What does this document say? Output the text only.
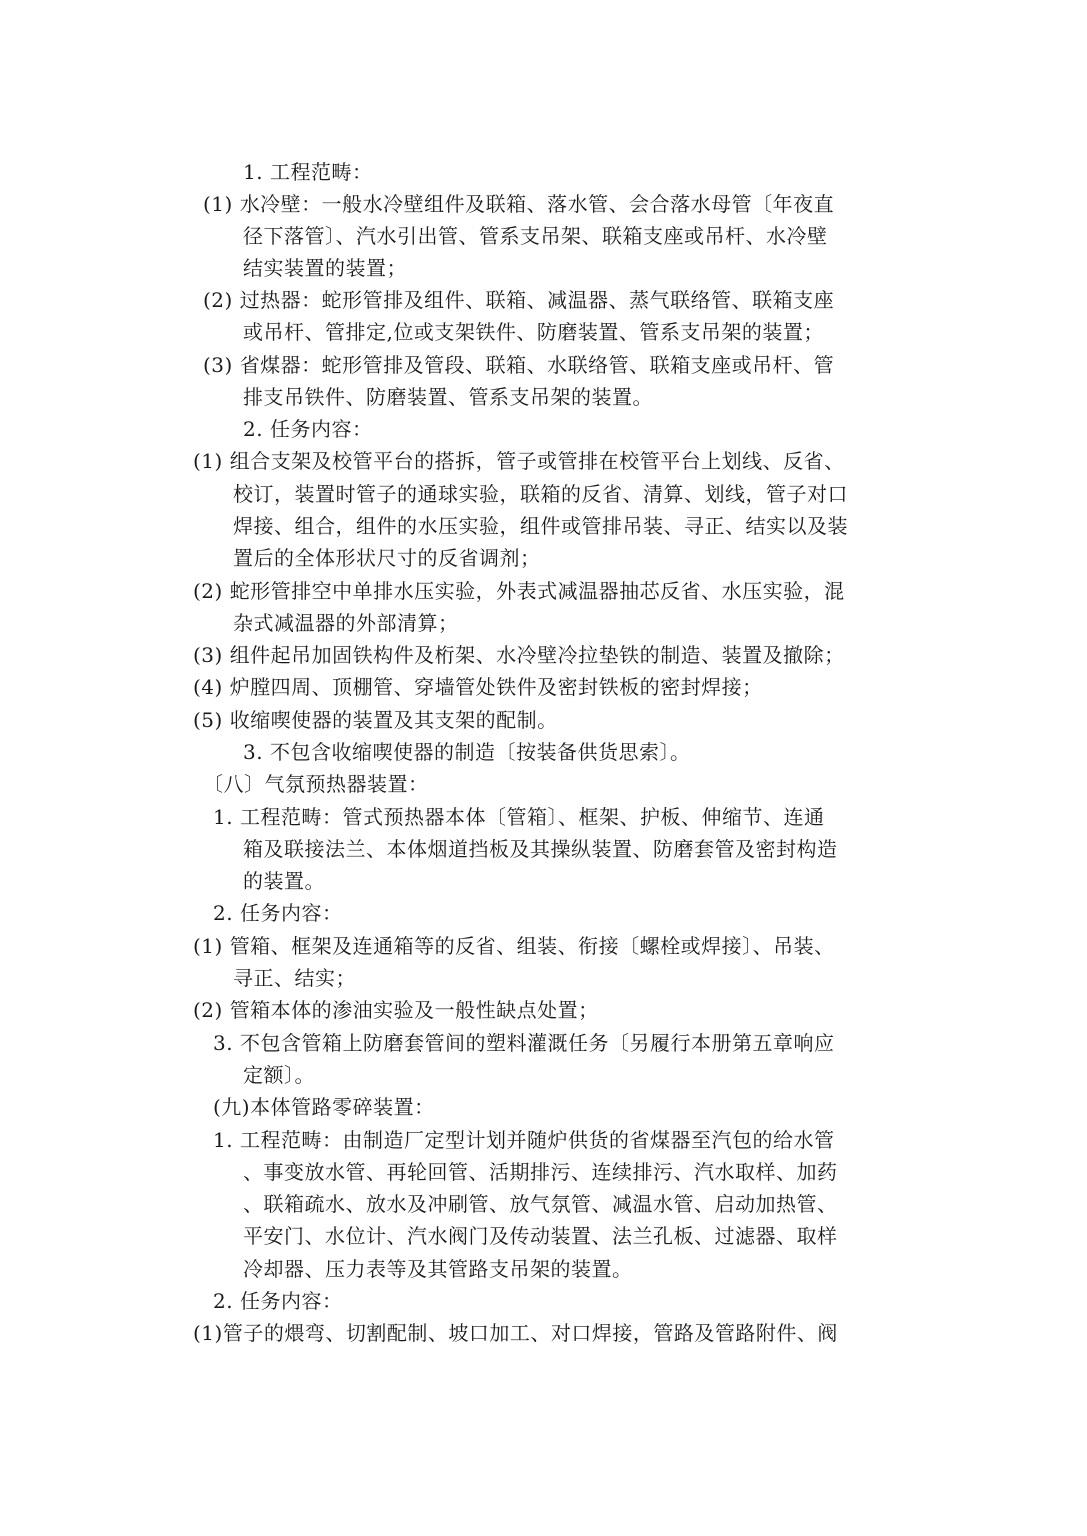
1. 工程范畴：
(1) 水冷壁：一般水冷壁组件及联箱、落水管、会合落水母管〔年夜直
径下落管〕、汽水引出管、管系支吊架、联箱支座或吊杆、水冷壁
结实装置的装置；
(2) 过热器：蛇形管排及组件、联箱、减温器、蒸气联络管、联箱支座
或吊杆、管排定,位或支架铁件、防磨装置、管系支吊架的装置；
(3) 省煤器：蛇形管排及管段、联箱、水联络管、联箱支座或吊杆、管
排支吊铁件、防磨装置、管系支吊架的装置。
2. 任务内容：
(1) 组合支架及校管平台的搭拆，管子或管排在校管平台上划线、反省、
校订，装置时管子的通球实验，联箱的反省、清算、划线，管子对口
焊接、组合，组件的水压实验，组件或管排吊装、寻正、结实以及装
置后的全体形状尺寸的反省调剂；
(2) 蛇形管排空中单排水压实验，外表式减温器抽芯反省、水压实验，混
杂式减温器的外部清算；
(3) 组件起吊加固铁构件及桁架、水冷壁冷拉垫铁的制造、装置及撤除；
(4) 炉膛四周、顶棚管、穿墙管处铁件及密封铁板的密封焊接；
(5) 收缩喫使器的装置及其支架的配制。
3. 不包含收缩喫使器的制造〔按装备供货思索〕。
〔八〕气氛预热器装置：
1. 工程范畴：管式预热器本体〔管箱〕、框架、护板、伸缩节、连通
箱及联接法兰、本体烟道挡板及其操纵装置、防磨套管及密封构造
的装置。
2. 任务内容：
(1) 管箱、框架及连通箱等的反省、组装、衔接〔螺栓或焊接〕、吊装、
寻正、结实；
(2) 管箱本体的渗油实验及一般性缺点处置；
3. 不包含管箱上防磨套管间的塑料灌溉任务〔另履行本册第五章响应
定额〕。
(九)本体管路零碎装置：
1. 工程范畴：由制造厂定型计划并随炉供货的省煤器至汽包的给水管
、事变放水管、再轮回管、活期排污、连续排污、汽水取样、加药
、联箱疏水、放水及冲刷管、放气氛管、减温水管、启动加热管、
平安门、水位计、汽水阀门及传动装置、法兰孔板、过滤器、取样
冷却器、压力表等及其管路支吊架的装置。
2. 任务内容：
(1)管子的煨弯、切割配制、坡口加工、对口焊接，管路及管路附件、阀
